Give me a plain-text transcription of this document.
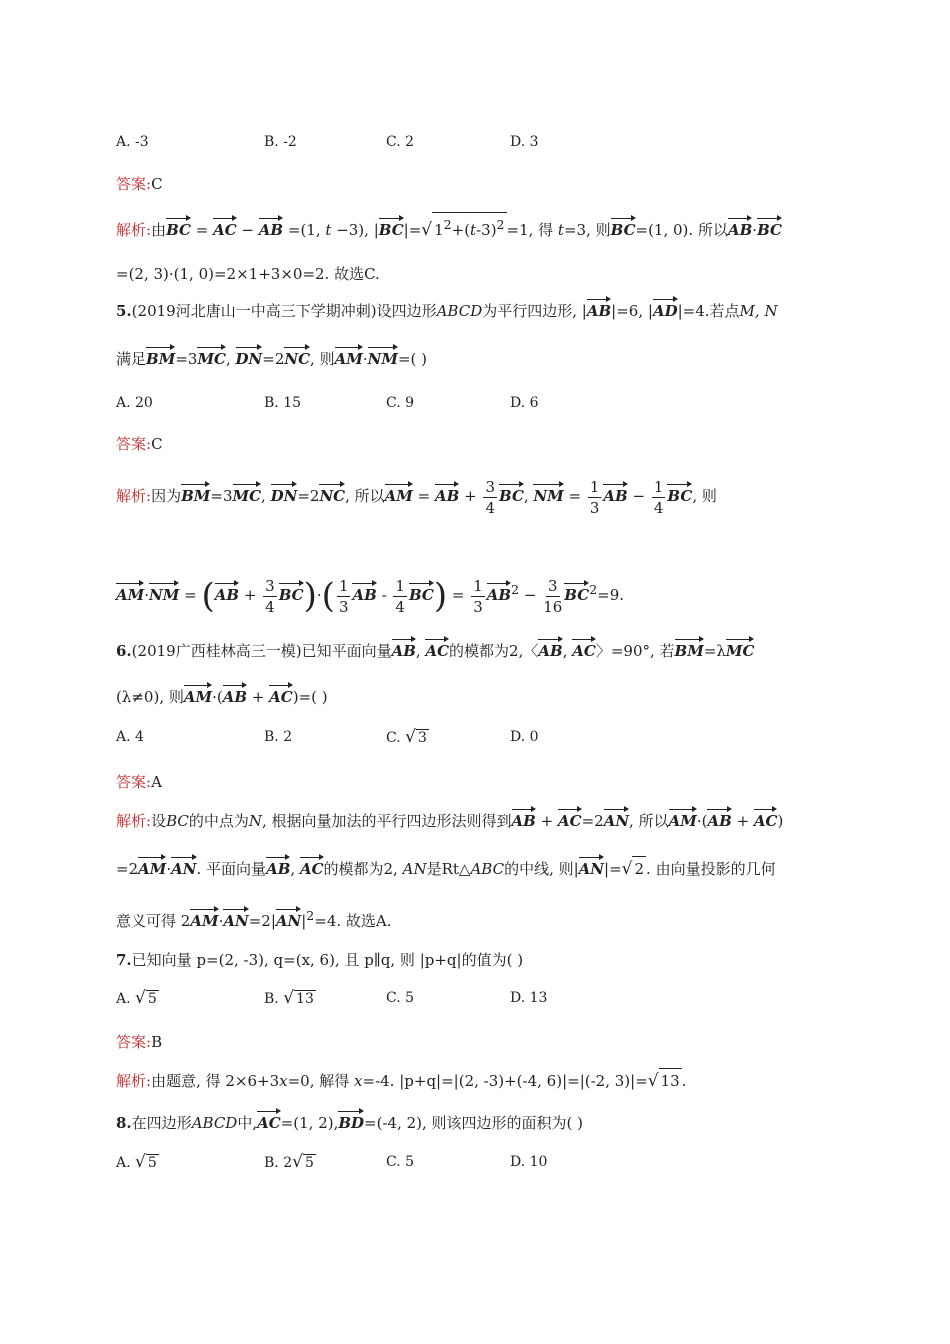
A. -3	B. -2	C. 2	D. 3
答案:C
解析:由BC = AC − AB =(1, t −3), |BC|=√ $1^2+(t-3)^2 =1$, 得 t=3, 则BC=(1, 0). 所以AB·BC
=(2, 3)·(1, 0)=2×1+3×0=2. 故选C.
5.(2019河北唐山一中高三下学期冲刺)设四边形ABCD为平行四边形, |AB|=6, |AD|=4.若点M, N
满足BM=3MC, DN=2NC, 则AM·NM=( )
A. 20	B. 15	C. 9	D. 6
答案:C
解析:因为BM=3MC, DN=2NC, 所以AM = AB + $\frac{3}{4}$ BC, NM = $\frac{1}{3}$ AB − $\frac{1}{4}$ BC, 则
$AM\cdot NM = (AB + \frac{3}{4} BC)\cdot( \frac{1}{3}$ AB - $\frac{1}{4} BC) = \frac{1}{3} AB^2 - \frac{3}{16} BC^2=9$.
6.(2019广西桂林高三一模)已知平面向量AB, AC的模都为2,〈AB, AC〉=90°, 若BM=λMC
(λ≠0), 则AM·(AB + AC)=( )
A. 4	B. 2	C. √ 3	D. 0
答案:A
解析:设BC的中点为N, 根据向量加法的平行四边形法则得到AB + AC=2AN, 所以AM·(AB + AC)
=2AM·AN. 平面向量AB, AC的模都为2, AN是Rt△ABC的中线, 则|AN|=√ 2 . 由向量投影的几何
意义可得 $2AM\cdot AN=2|AN|^2=4$. 故选A.
7.已知向量 p=(2, -3), q=(x, 6), 且 p∥q, 则 |p+q|的值为( )
A. √ 5	B. √ 13	C. 5	D. 13
答案:B
解析:由题意, 得 2×6+3x=0, 解得 x=-4. |p+q|=|(2, -3)+(-4, 6)|=|(-2, 3)|=√ 13 .
8.在四边形ABCD中,AC=(1, 2),BD=(-4, 2), 则该四边形的面积为( )
A. √ 5	B. 2√ 5	C. 5	D. 10
